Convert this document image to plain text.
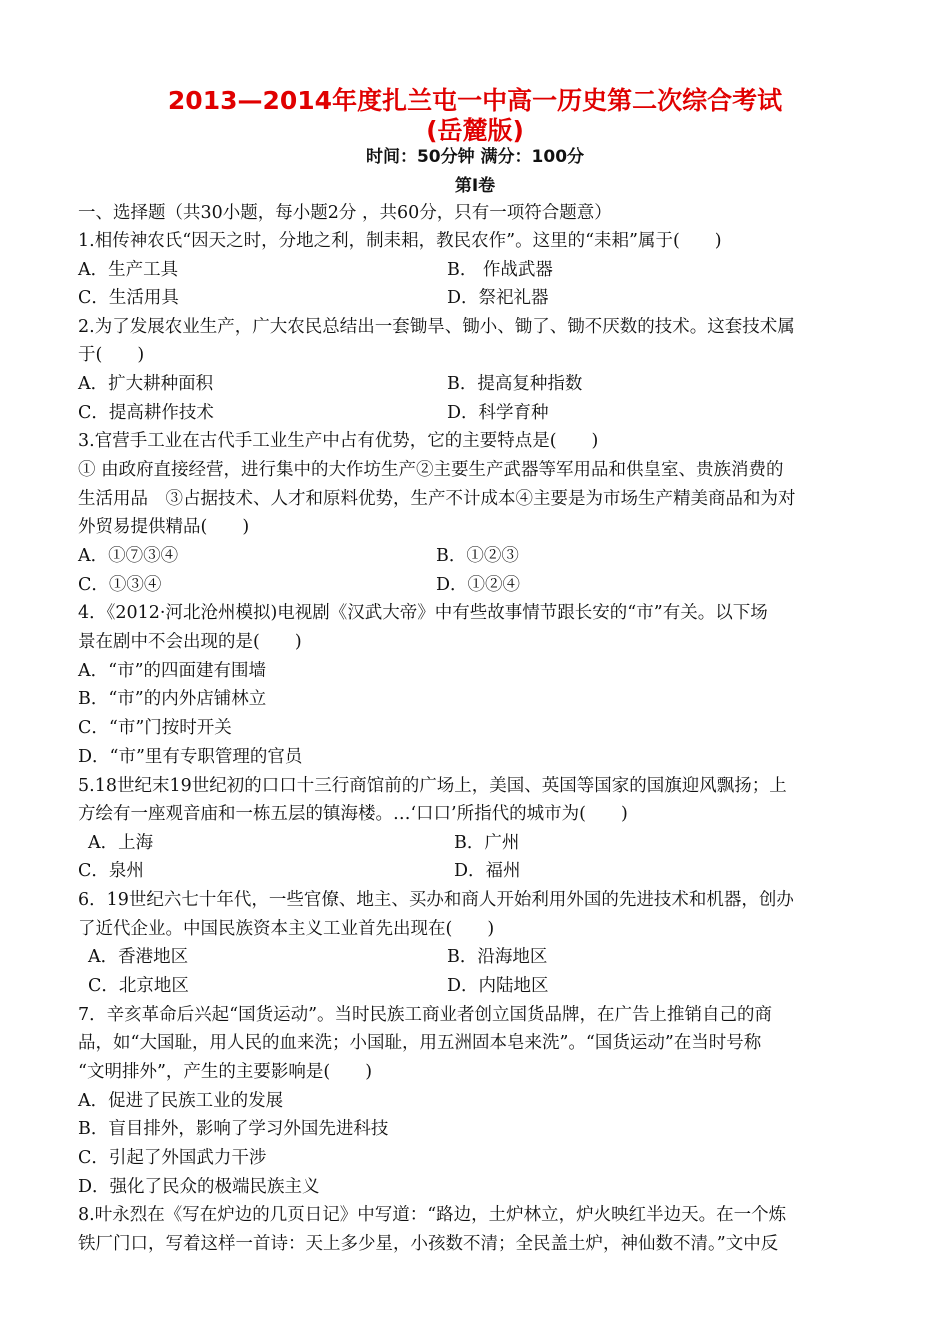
2013—2014年度扎兰屯一中高一历史第二次综合考试
(岳麓版)
时间：50分钟 满分：100分
第I卷
一、选择题（共30小题，每小题2分 ，共60分，只有一项符合题意）
1.相传神农氏“因天之时，分地之利，制耒耜，教民农作”。这里的“耒耜”属于(　　)
A．生产工具	B． 作战武器
C．生活用具	D．祭祀礼器
2.为了发展农业生产，广大农民总结出一套锄旱、锄小、锄了、锄不厌数的技术。这套技术属
于(　　)
A．扩大耕种面积	B．提高复种指数
C．提高耕作技术	D．科学育种
3.官营手工业在古代手工业生产中占有优势，它的主要特点是(　　)
① 由政府直接经营，进行集中的大作坊生产②主要生产武器等军用品和供皇室、贵族消费的
生活用品　③占据技术、人才和原料优势，生产不计成本④主要是为市场生产精美商品和为对
外贸易提供精品(　　)
A．①⑦③④	B．①②③
C．①③④	D．①②④
4．《2012·河北沧州模拟)电视剧《汉武大帝》中有些故事情节跟长安的“市”有关。以下场
景在剧中不会出现的是(　　)
A．“市”的四面建有围墙
B．“市”的内外店铺林立
C．“市”门按时开关
D．“市”里有专职管理的官员
5.18世纪末19世纪初的口口十三行商馆前的广场上，美国、英国等国家的国旗迎风飘扬；上
方绘有一座观音庙和一栋五层的镇海楼。…‘口口’所指代的城市为(　　)
A．上海	B．广州
C．泉州	D．福州
6．19世纪六七十年代，一些官僚、地主、买办和商人开始利用外国的先进技术和机器，创办
了近代企业。中国民族资本主义工业首先出现在(　　)
A．香港地区	B．沿海地区
C．北京地区	D．内陆地区
7．辛亥革命后兴起“国货运动”。当时民族工商业者创立国货品牌，在广告上推销自己的商
品，如“大国耻，用人民的血来洗；小国耻，用五洲固本皂来洗”。“国货运动”在当时号称
“文明排外”，产生的主要影响是(　　)
A．促进了民族工业的发展
B．盲目排外，影响了学习外国先进科技
C．引起了外国武力干涉
D．强化了民众的极端民族主义
8.叶永烈在《写在炉边的几页日记》中写道：“路边，土炉林立，炉火映红半边天。在一个炼
铁厂门口，写着这样一首诗：天上多少星，小孩数不清；全民盖土炉，神仙数不清。”文中反
